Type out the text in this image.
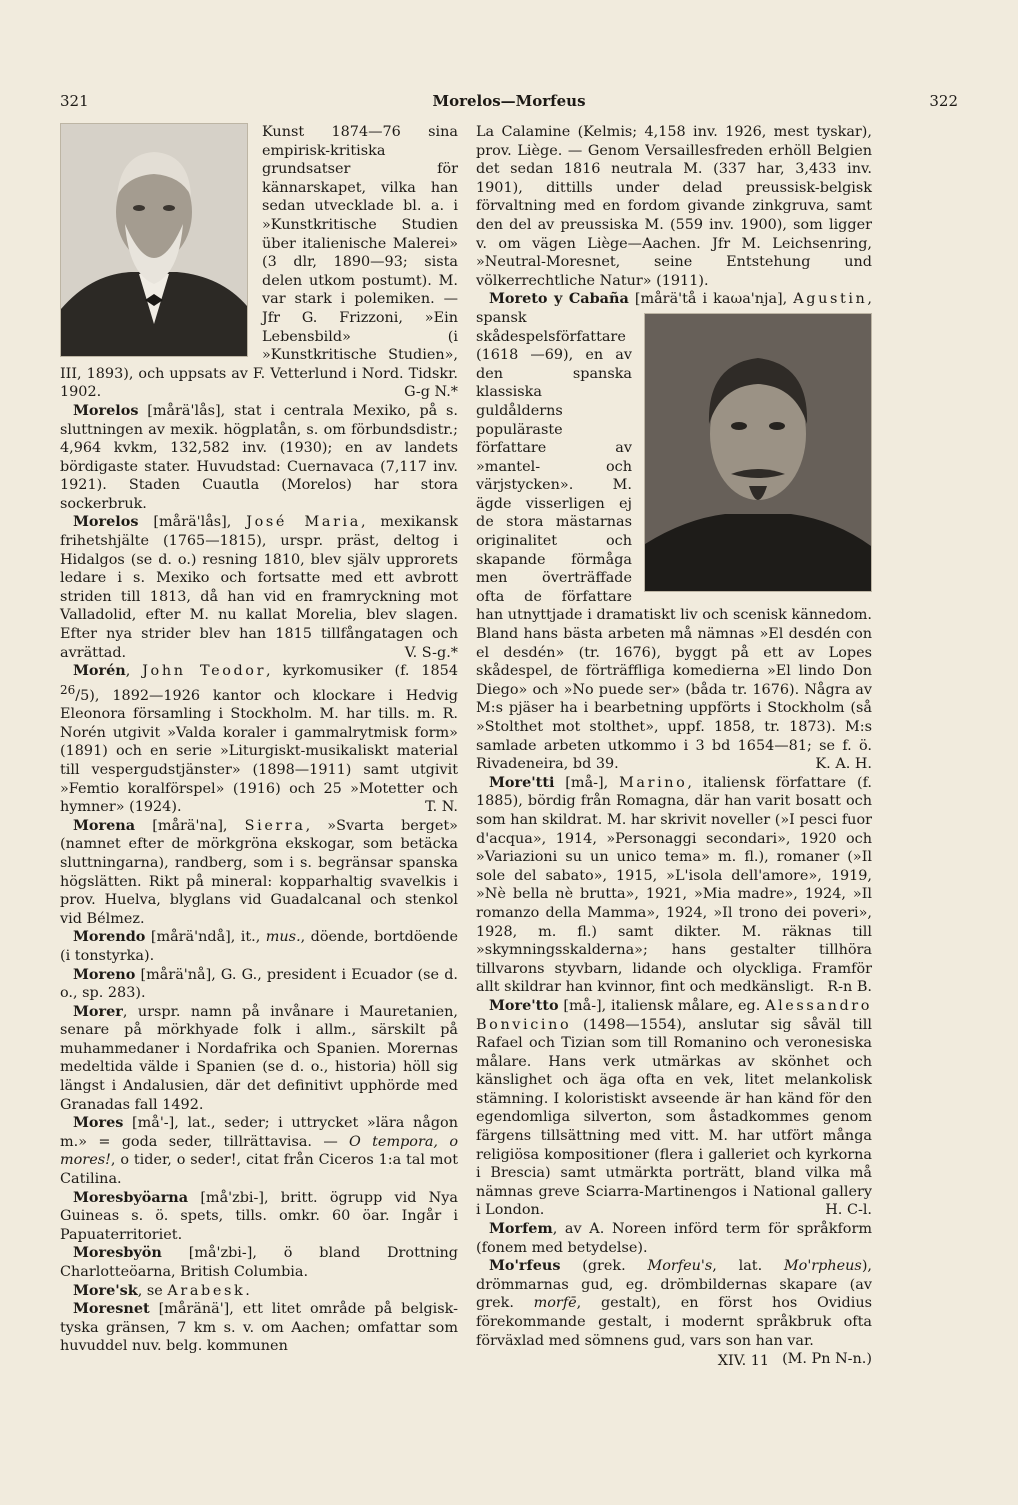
321	Morelos—Morfeus	322

Kunst 1874—76 sina empirisk-kritiska grundsatser för kännarskapet, vilka han sedan utvecklade bl. a. i »Kunstkritische Studien über italienische Malerei» (3 dlr, 1890—93; sista delen utkom postumt). M. var stark i polemiken. — Jfr G. Frizzoni, »Ein Lebensbild» (i »Kunstkritische Studien», III, 1893), och uppsats av F. Vetterlund i Nord. Tidskr. 1902.	G-g N.*

Morelos [mårä'lås], stat i centrala Mexiko, på s. sluttningen av mexik. högplatån, s. om förbundsdistr.; 4,964 kvkm, 132,582 inv. (1930); en av landets bördigaste stater. Huvudstad: Cuernavaca (7,117 inv. 1921). Staden Cuautla (Morelos) har stora sockerbruk.

Morelos [mårä'lås], José Maria, mexikansk frihetshjälte (1765—1815), urspr. präst, deltog i Hidalgos (se d. o.) resning 1810, blev själv upprorets ledare i s. Mexiko och fortsatte med ett avbrott striden till 1813, då han vid en framryckning mot Valladolid, efter M. nu kallat Morelia, blev slagen. Efter nya strider blev han 1815 tillfångatagen och avrättad.	V. S-g.*

Morén, John Teodor, kyrkomusiker (f. 1854 $^{26}$/5), 1892—1926 kantor och klockare i Hedvig Eleonora församling i Stockholm. M. har tills. m. R. Norén utgivit »Valda koraler i gammalrytmisk form» (1891) och en serie »Liturgiskt-musikaliskt material till vespergudstjänster» (1898—1911) samt utgivit »Femtio koralförspel» (1916) och 25 »Motetter och hymner» (1924).	T. N.

Morena [mårä'na], Sierra, »Svarta berget» (namnet efter de mörkgröna ekskogar, som betäcka sluttningarna), randberg, som i s. begränsar spanska högslätten. Rikt på mineral: kopparhaltig svavelkis i prov. Huelva, blyglans vid Guadalcanal och stenkol vid Bélmez.

Morendo [mårä'ndå], it., mus., döende, bortdöende (i tonstyrka).

Moreno [mårä'nå], G. G., president i Ecuador (se d. o., sp. 283).

Morer, urspr. namn på invånare i Mauretanien, senare på mörkhyade folk i allm., särskilt på muhammedaner i Nordafrika och Spanien. Morernas medeltida välde i Spanien (se d. o., historia) höll sig längst i Andalusien, där det definitivt upphörde med Granadas fall 1492.

Mores [må'-], lat., seder; i uttrycket »lära någon m.» = goda seder, tillrättavisa. — O tempora, o mores!, o tider, o seder!, citat från Ciceros 1:a tal mot Catilina.

Moresbyöarna [må'zbi-], britt. ögrupp vid Nya Guineas s. ö. spets, tills. omkr. 60 öar. Ingår i Papuaterritoriet.

Moresbyön [må'zbi-], ö bland Drottning Charlotteöarna, British Columbia.

More'sk, se Arabesk.

Moresnet [måränä'], ett litet område på belgisk-tyska gränsen, 7 km s. v. om Aachen; omfattar som huvuddel nuv. belg. kommunen

La Calamine (Kelmis; 4,158 inv. 1926, mest tyskar), prov. Liège. — Genom Versaillesfreden erhöll Belgien det sedan 1816 neutrala M. (337 har, 3,433 inv. 1901), dittills under delad preussisk-belgisk förvaltning med en fordom givande zinkgruva, samt den del av preussiska M. (559 inv. 1900), som ligger v. om vägen Liège—Aachen. Jfr M. Leichsenring, »Neutral-Moresnet, seine Entstehung und völkerrechtliche Natur» (1911).

Moreto y Cabaña [mårä'tå i kaωa'nja], Agustin
, spansk skådespelsförfattare (1618 —69), en av den spanska klassiska guldålderns populäraste författare av »mantel- och värjstycken». M. ägde visserligen ej de stora mästarnas originalitet och skapande förmåga men överträffade ofta de författare han utnyttjade i dramatiskt liv och scenisk kännedom. Bland hans bästa arbeten må nämnas »El desdén con el desdén» (tr. 1676), byggt på ett av Lopes skådespel, de förträffliga komedierna »El lindo Don Diego» och »No puede ser» (båda tr. 1676). Några av M:s pjäser ha i bearbetning uppförts i Stockholm (så »Stolthet mot stolthet», uppf. 1858, tr. 1873). M:s samlade arbeten utkommo i 3 bd 1654—81; se f. ö. Rivadeneira, bd 39.	K. A. H.

More'tti [må-], Marino, italiensk författare (f. 1885), bördig från Romagna, där han varit bosatt och som han skildrat. M. har skrivit noveller (»I pesci fuor d'acqua», 1914, »Personaggi secondari», 1920 och »Variazioni su un unico tema» m. fl.), romaner (»Il sole del sabato», 1915, »L'isola dell'amore», 1919, »Nè bella nè brutta», 1921, »Mia madre», 1924, »Il romanzo della Mamma», 1924, »Il trono dei poveri», 1928, m. fl.) samt dikter. M. räknas till »skymningsskalderna»; hans gestalter tillhöra tillvarons styvbarn, lidande och olyckliga. Framför allt skildrar han kvinnor, fint och medkänsligt. R-n B.

More'tto [må-], italiensk målare, eg. Alessandro Bonvicino (1498—1554), anslutar sig såväl till Rafael och Tizian som till Romanino och veronesiska målare. Hans verk utmärkas av skönhet och känslighet och äga ofta en vek, litet melankolisk stämning. I koloristiskt avseende är han känd för den egendomliga silverton, som åstadkommes genom färgens tillsättning med vitt. M. har utfört många religiösa kompositioner (flera i galleriet och kyrkorna i Brescia) samt utmärkta porträtt, bland vilka må nämnas greve Sciarra-Martinengos i National gallery i London.	H. C-l.

Morfem, av A. Noreen införd term för språkform (fonem med betydelse).

Mo'rfeus (grek. Morfeu's, lat. Mo'rpheus), drömmarnas gud, eg. drömbildernas skapare (av grek. morfē, gestalt), en först hos Ovidius förekommande gestalt, i modernt språkbruk ofta förväxlad med sömnens gud, vars son han var.
(M. Pn N-n.)

XIV. 11
